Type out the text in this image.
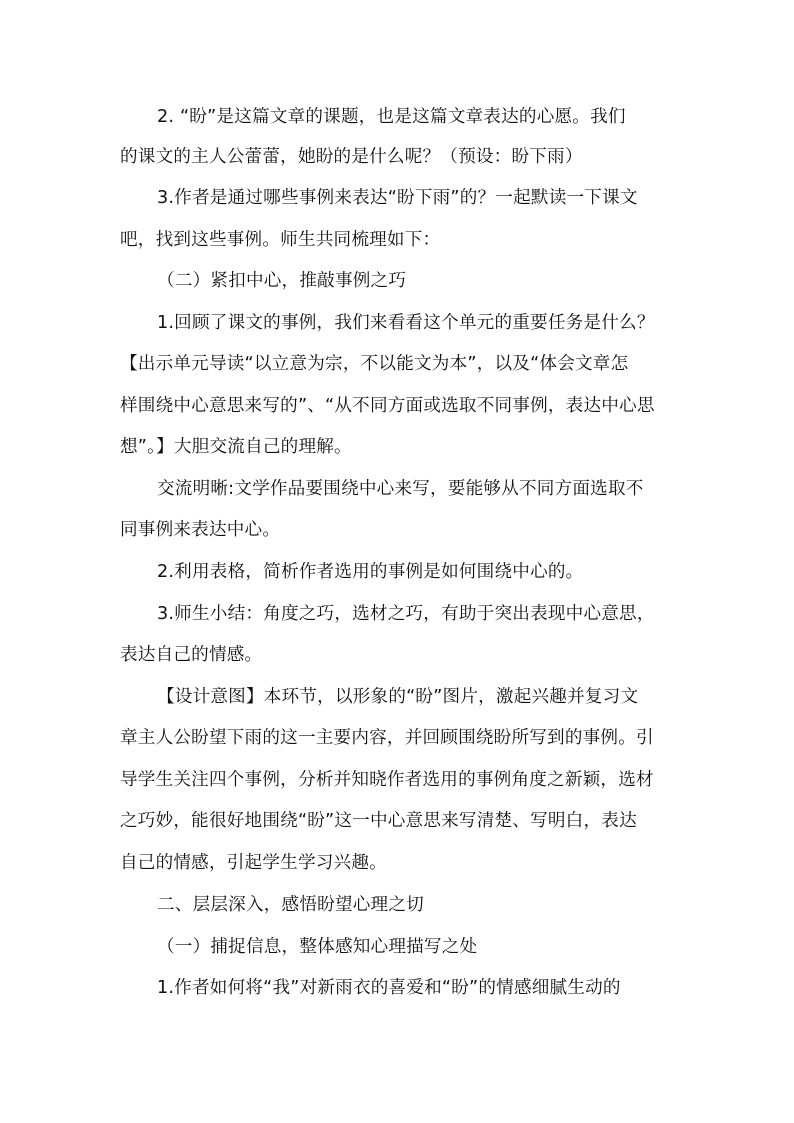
2. “盼”是这篇文章的课题，也是这篇文章表达的心愿。我们
的课文的主人公蕾蕾，她盼的是什么呢？（预设：盼下雨）
3.作者是通过哪些事例来表达“盼下雨”的？一起默读一下课文
吧，找到这些事例。师生共同梳理如下：
（二）紧扣中心，推敲事例之巧
1.回顾了课文的事例，我们来看看这个单元的重要任务是什么？
【出示单元导读“以立意为宗，不以能文为本”，以及“体会文章怎
样围绕中心意思来写的”、“从不同方面或选取不同事例，表达中心思
想”。】大胆交流自己的理解。
交流明晰:文学作品要围绕中心来写，要能够从不同方面选取不
同事例来表达中心。
2.利用表格，简析作者选用的事例是如何围绕中心的。
3.师生小结：角度之巧，选材之巧，有助于突出表现中心意思，
表达自己的情感。
【设计意图】本环节，以形象的“盼”图片，激起兴趣并复习文
章主人公盼望下雨的这一主要内容，并回顾围绕盼所写到的事例。引
导学生关注四个事例，分析并知晓作者选用的事例角度之新颖，选材
之巧妙，能很好地围绕“盼”这一中心意思来写清楚、写明白，表达
自己的情感，引起学生学习兴趣。
二、层层深入，感悟盼望心理之切
（一）捕捉信息，整体感知心理描写之处
1.作者如何将“我”对新雨衣的喜爱和“盼”的情感细腻生动的
